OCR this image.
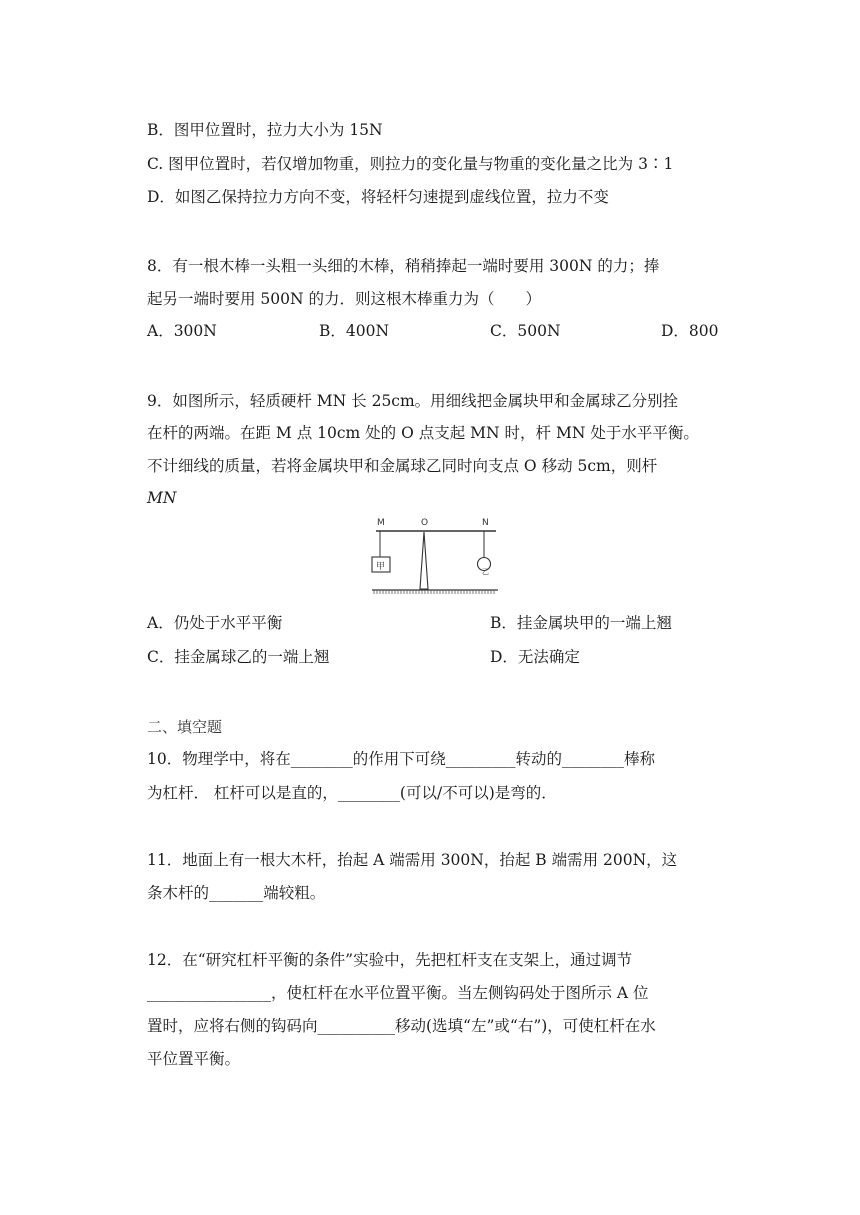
B．图甲位置时，拉力大小为 15N
C. 图甲位置时，若仅增加物重，则拉力的变化量与物重的变化量之比为 3∶1
D．如图乙保持拉力方向不变，将轻杆匀速提到虚线位置，拉力不变
8．有一根木棒一头粗一头细的木棒，稍稍捧起一端时要用 300N 的力；捧
起另一端时要用 500N 的力．则这根木棒重力为（　　）
A．300N	B．400N	C．500N	D．800
9．如图所示，轻质硬杆 MN 长 25cm。用细线把金属块甲和金属球乙分别拴
在杆的两端。在距 M 点 10cm 处的 O 点支起 MN 时，杆 MN 处于水平平衡。
不计细线的质量，若将金属块甲和金属球乙同时向支点 O 移动 5cm，则杆
MN
M	O	N
甲	乙
A．仍处于水平平衡	B．挂金属块甲的一端上翘
C．挂金属球乙的一端上翘	D．无法确定
二、填空题
10．物理学中，将在________的作用下可绕_________转动的________棒称
为杠杆． 杠杆可以是直的，________(可以/不可以)是弯的．
11．地面上有一根大木杆，抬起 A 端需用 300N，抬起 B 端需用 200N，这
条木杆的_______端较粗。
12．在“研究杠杆平衡的条件”实验中，先把杠杆支在支架上，通过调节
________________，使杠杆在水平位置平衡。当左侧钩码处于图所示 A 位
置时，应将右侧的钩码向__________移动(选填“左”或“右”)，可使杠杆在水
平位置平衡。
